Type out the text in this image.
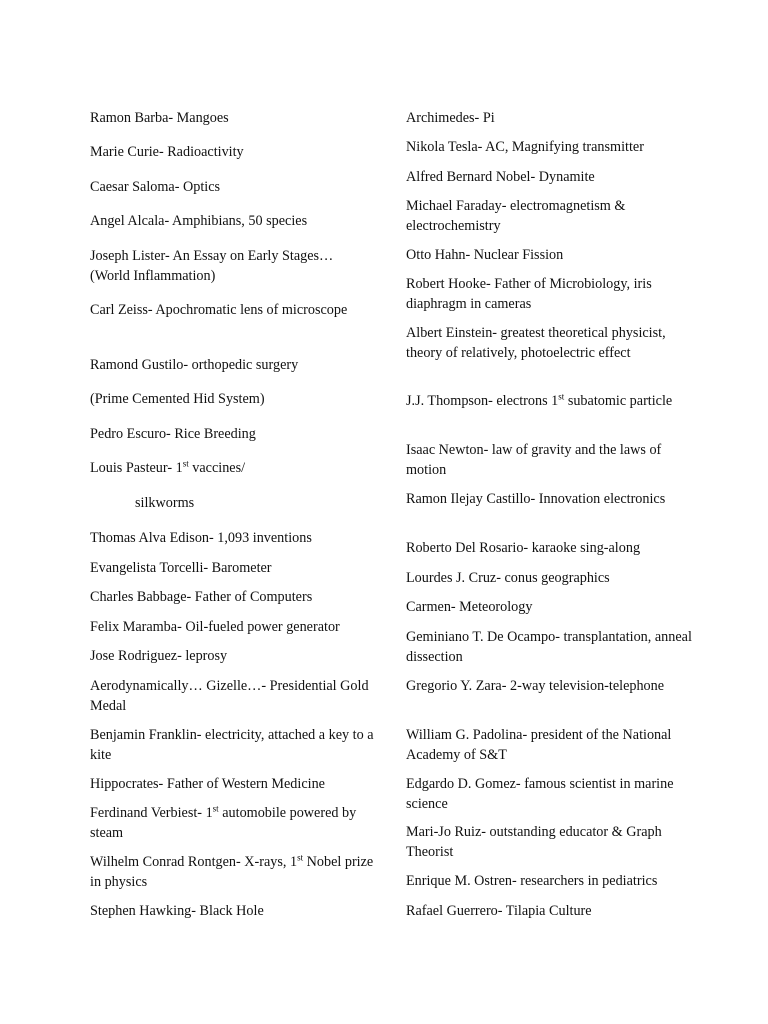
Ramon Barba- Mangoes
Marie Curie- Radioactivity
Caesar Saloma- Optics
Angel Alcala- Amphibians, 50 species
Joseph Lister- An Essay on Early Stages… (World Inflammation)
Carl Zeiss- Apochromatic lens of microscope
Ramond Gustilo- orthopedic surgery
(Prime Cemented Hid System)
Pedro Escuro- Rice Breeding
Louis Pasteur- 1st vaccines/
silkworms
Thomas Alva Edison- 1,093 inventions
Evangelista Torcelli- Barometer
Charles Babbage- Father of Computers
Felix Maramba- Oil-fueled power generator
Jose Rodriguez- leprosy
Aerodynamically… Gizelle…- Presidential Gold Medal
Benjamin Franklin- electricity, attached a key to a kite
Hippocrates- Father of Western Medicine
Ferdinand Verbiest- 1st automobile powered by steam
Wilhelm Conrad Rontgen- X-rays, 1st Nobel prize in physics
Stephen Hawking- Black Hole
Archimedes- Pi
Nikola Tesla- AC, Magnifying transmitter
Alfred Bernard Nobel- Dynamite
Michael Faraday- electromagnetism & electrochemistry
Otto Hahn- Nuclear Fission
Robert Hooke- Father of Microbiology, iris diaphragm in cameras
Albert Einstein- greatest theoretical physicist, theory of relatively, photoelectric effect
J.J. Thompson- electrons 1st subatomic particle
Isaac Newton- law of gravity and the laws of motion
Ramon Ilejay Castillo- Innovation electronics
Roberto Del Rosario- karaoke sing-along
Lourdes J. Cruz- conus geographics
Carmen- Meteorology
Geminiano T. De Ocampo- transplantation, anneal dissection
Gregorio Y. Zara- 2-way television-telephone
William G. Padolina- president of the National Academy of S&T
Edgardo D. Gomez- famous scientist in marine science
Mari-Jo Ruiz- outstanding educator & Graph Theorist
Enrique M. Ostren- researchers in pediatrics
Rafael Guerrero- Tilapia Culture
